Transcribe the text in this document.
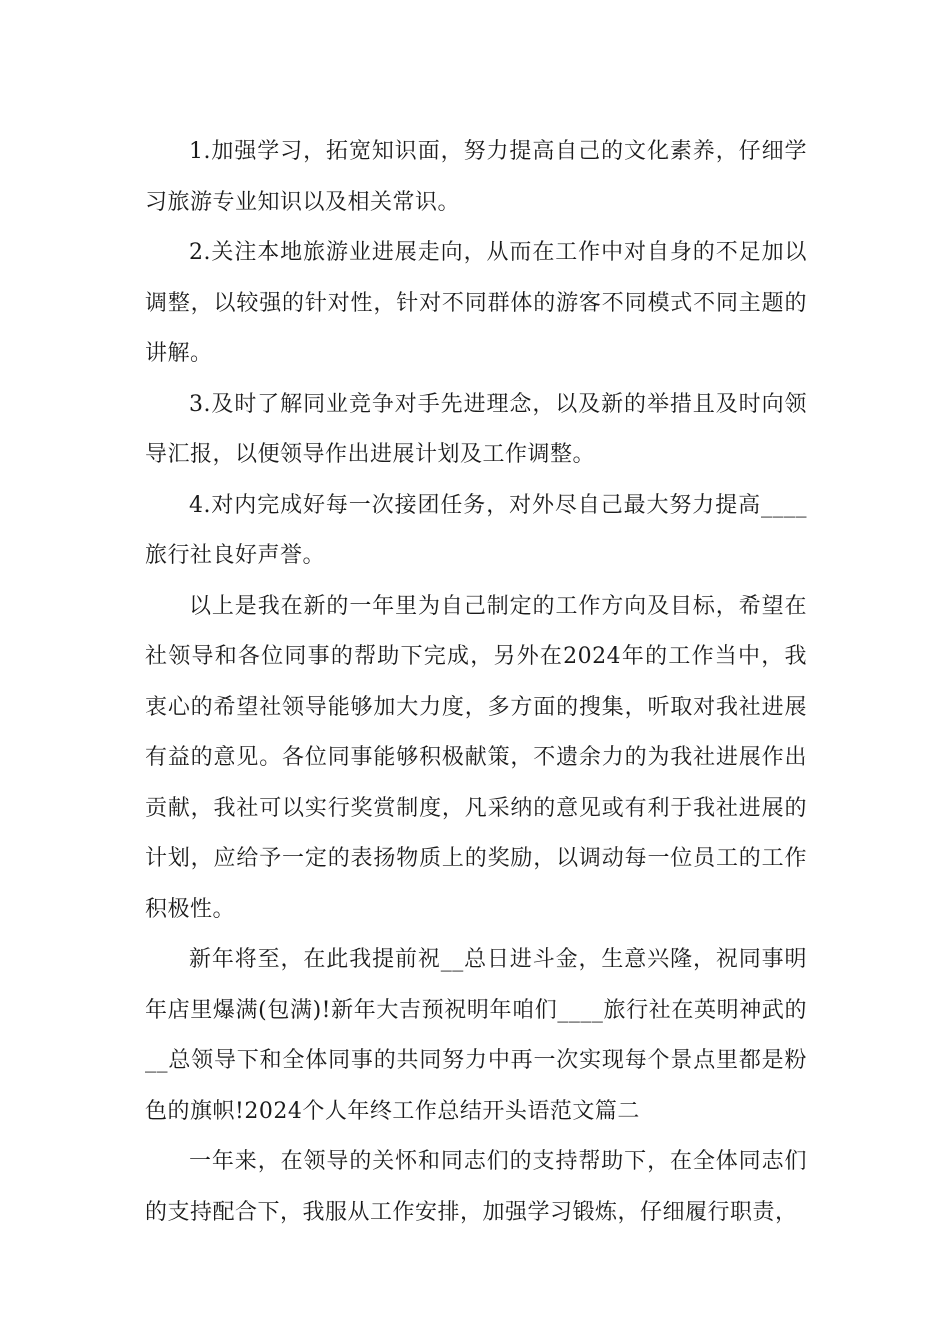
1.加强学习，拓宽知识面，努力提高自己的文化素养，仔细学习旅游专业知识以及相关常识。

2.关注本地旅游业进展走向，从而在工作中对自身的不足加以调整，以较强的针对性，针对不同群体的游客不同模式不同主题的讲解。

3.及时了解同业竞争对手先进理念，以及新的举措且及时向领导汇报，以便领导作出进展计划及工作调整。

4.对内完成好每一次接团任务，对外尽自己最大努力提高____旅行社良好声誉。

以上是我在新的一年里为自己制定的工作方向及目标，希望在社领导和各位同事的帮助下完成，另外在2024年的工作当中，我衷心的希望社领导能够加大力度，多方面的搜集，听取对我社进展有益的意见。各位同事能够积极献策，不遗余力的为我社进展作出贡献，我社可以实行奖赏制度，凡采纳的意见或有利于我社进展的计划，应给予一定的表扬物质上的奖励，以调动每一位员工的工作积极性。

新年将至，在此我提前祝__总日进斗金，生意兴隆，祝同事明年店里爆满(包满)!新年大吉预祝明年咱们____旅行社在英明神武的__总领导下和全体同事的共同努力中再一次实现每个景点里都是粉色的旗帜!2024个人年终工作总结开头语范文篇二

一年来，在领导的关怀和同志们的支持帮助下，在全体同志们的支持配合下，我服从工作安排，加强学习锻炼，仔细履行职责，
